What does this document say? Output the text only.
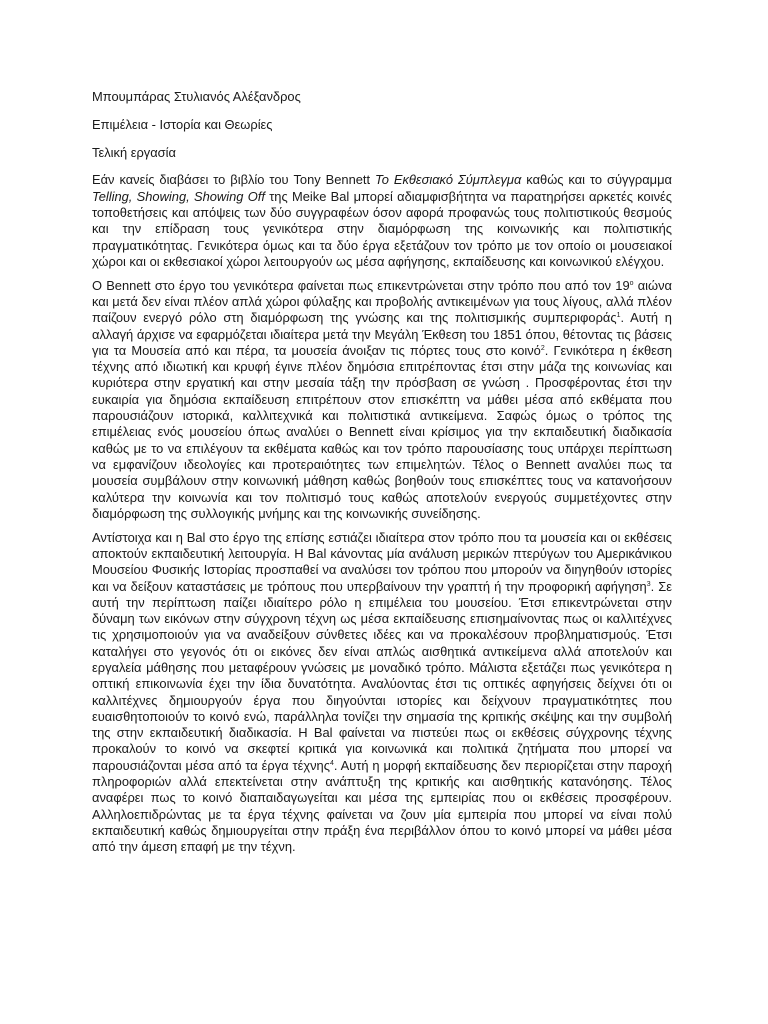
Μπουμπάρας Στυλιανός Αλέξανδρος

Επιμέλεια - Ιστορία και Θεωρίες

Τελική εργασία

Εάν κανείς διαβάσει το βιβλίο του Tony Bennett Το Εκθεσιακό Σύμπλεγμα καθώς και το σύγγραμμα Telling, Showing, Showing Off της Meike Bal μπορεί αδιαμφισβήτητα να παρατηρήσει αρκετές κοινές τοποθετήσεις και απόψεις των δύο συγγραφέων όσον αφορά προφανώς τους πολιτιστικούς θεσμούς και την επίδραση τους γενικότερα στην διαμόρφωση της κοινωνικής και πολιτιστικής πραγματικότητας. Γενικότερα όμως και τα δύο έργα εξετάζουν τον τρόπο με τον οποίο οι μουσειακοί χώροι και οι εκθεσιακοί χώροι λειτουργούν ως μέσα αφήγησης, εκπαίδευσης και κοινωνικού ελέγχου.

Ο Bennett στο έργο του γενικότερα φαίνεται πως επικεντρώνεται στην τρόπο που από τον $19^o$ αιώνα και μετά δεν είναι πλέον απλά χώροι φύλαξης και προβολής αντικειμένων για τους λίγους, αλλά πλέον παίζουν ενεργό ρόλο στη διαμόρφωση της γνώσης και της πολιτισμικής συμπεριφοράς$^1$. Αυτή η αλλαγή άρχισε να εφαρμόζεται ιδιαίτερα μετά την Μεγάλη Έκθεση του 1851 όπου, θέτοντας τις βάσεις για τα Μουσεία από και πέρα, τα μουσεία άνοιξαν τις πόρτες τους στο κοινό$^2$. Γενικότερα η έκθεση τέχνης από ιδιωτική και κρυφή έγινε πλέον δημόσια επιτρέποντας έτσι στην μάζα της κοινωνίας και κυριότερα στην εργατική και στην μεσαία τάξη την πρόσβαση σε γνώση . Προσφέροντας έτσι την ευκαιρία για δημόσια εκπαίδευση επιτρέπουν στον επισκέπτη να μάθει μέσα από εκθέματα που παρουσιάζουν ιστορικά, καλλιτεχνικά και πολιτιστικά αντικείμενα. Σαφώς όμως ο τρόπος της επιμέλειας ενός μουσείου όπως αναλύει ο Bennett είναι κρίσιμος για την εκπαιδευτική διαδικασία καθώς με το να επιλέγουν τα εκθέματα καθώς και τον τρόπο παρουσίασης τους υπάρχει περίπτωση να εμφανίζουν ιδεολογίες και προτεραιότητες των επιμελητών. Τέλος ο Bennett αναλύει πως τα μουσεία συμβάλουν στην κοινωνική μάθηση καθώς βοηθούν τους επισκέπτες τους να κατανοήσουν καλύτερα την κοινωνία και τον πολιτισμό τους καθώς αποτελούν ενεργούς συμμετέχοντες στην διαμόρφωση της συλλογικής μνήμης και της κοινωνικής συνείδησης.

Αντίστοιχα και η Bal στο έργο της επίσης εστιάζει ιδιαίτερα στον τρόπο που τα μουσεία και οι εκθέσεις αποκτούν εκπαιδευτική λειτουργία. Η Bal κάνοντας μία ανάλυση μερικών πτερύγων του Αμερικάνικου Μουσείου Φυσικής Ιστορίας προσπαθεί να αναλύσει τον τρόπου που μπορούν να διηγηθούν ιστορίες και να δείξουν καταστάσεις με τρόπους που υπερβαίνουν την γραπτή ή την προφορική αφήγηση$^3$. Σε αυτή την περίπτωση παίζει ιδιαίτερο ρόλο η επιμέλεια του μουσείου. Έτσι επικεντρώνεται στην δύναμη των εικόνων στην σύγχρονη τέχνη ως μέσα εκπαίδευσης επισημαίνοντας πως οι καλλιτέχνες τις χρησιμοποιούν για να αναδείξουν σύνθετες ιδέες και να προκαλέσουν προβληματισμούς. Έτσι καταλήγει στο γεγονός ότι οι εικόνες δεν είναι απλώς αισθητικά αντικείμενα αλλά αποτελούν και εργαλεία μάθησης που μεταφέρουν γνώσεις με μοναδικό τρόπο. Μάλιστα εξετάζει πως γενικότερα η οπτική επικοινωνία έχει την ίδια δυνατότητα. Αναλύοντας έτσι τις οπτικές αφηγήσεις δείχνει ότι οι καλλιτέχνες δημιουργούν έργα που διηγούνται ιστορίες και δείχνουν πραγματικότητες που ευαισθητοποιούν το κοινό ενώ, παράλληλα τονίζει την σημασία της κριτικής σκέψης και την συμβολή της στην εκπαιδευτική διαδικασία. Η Bal φαίνεται να πιστεύει πως οι εκθέσεις σύγχρονης τέχνης προκαλούν το κοινό να σκεφτεί κριτικά για κοινωνικά και πολιτικά ζητήματα που μπορεί να παρουσιάζονται μέσα από τα έργα τέχνης$^4$. Αυτή η μορφή εκπαίδευσης δεν περιορίζεται στην παροχή πληροφοριών αλλά επεκτείνεται στην ανάπτυξη της κριτικής και αισθητικής κατανόησης. Τέλος αναφέρει πως το κοινό διαπαιδαγωγείται και μέσα της εμπειρίας που οι εκθέσεις προσφέρουν. Αλληλοεπιδρώντας με τα έργα τέχνης φαίνεται να ζουν μία εμπειρία που μπορεί να είναι πολύ εκπαιδευτική καθώς δημιουργείται στην πράξη ένα περιβάλλον όπου το κοινό μπορεί να μάθει μέσα από την άμεση επαφή με την τέχνη.
